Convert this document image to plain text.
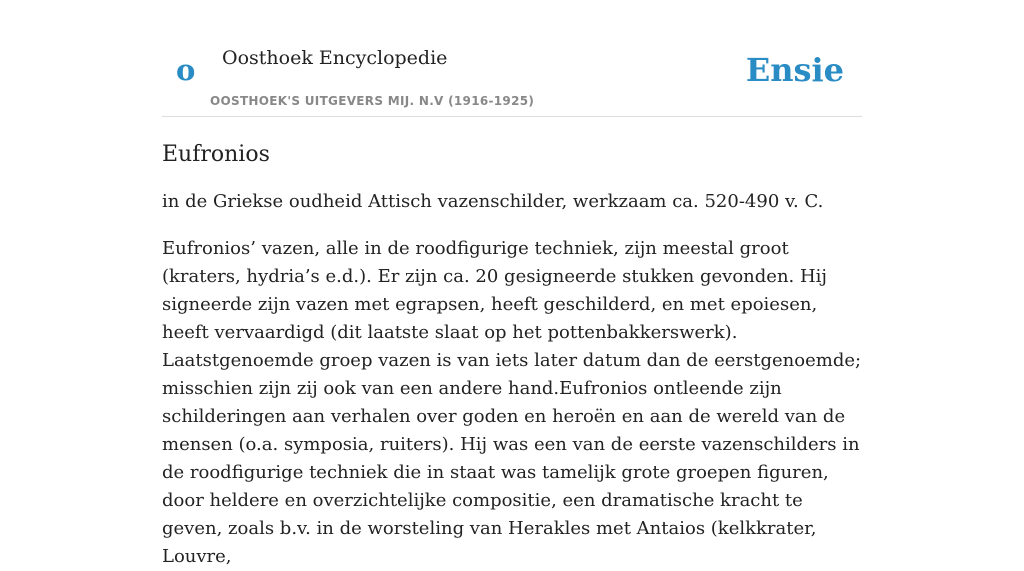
o Oosthoek Encyclopedie
OOSTHOEK'S UITGEVERS MIJ. N.V (1916-1925)
Ensie
Eufronios

in de Griekse oudheid Attisch vazenschilder, werkzaam ca. 520-490 v. C.

Eufronios’ vazen, alle in de roodfigurige techniek, zijn meestal groot (kraters, hydria’s e.d.). Er zijn ca. 20 gesigneerde stukken gevonden. Hij signeerde zijn vazen met egrapsen, heeft geschilderd, en met epoiesen, heeft vervaardigd (dit laatste slaat op het pottenbakkerswerk). Laatstgenoemde groep vazen is van iets later datum dan de eerstgenoemde; misschien zijn zij ook van een andere hand.Eufronios ontleende zijn schilderingen aan verhalen over goden en heroën en aan de wereld van de mensen (o.a. symposia, ruiters). Hij was een van de eerste vazenschilders in de roodfigurige techniek die in staat was tamelijk grote groepen figuren, door heldere en overzichtelijke compositie, een dramatische kracht te geven, zoals b.v. in de worsteling van Herakles met Antaios (kelkkrater, Louvre,
